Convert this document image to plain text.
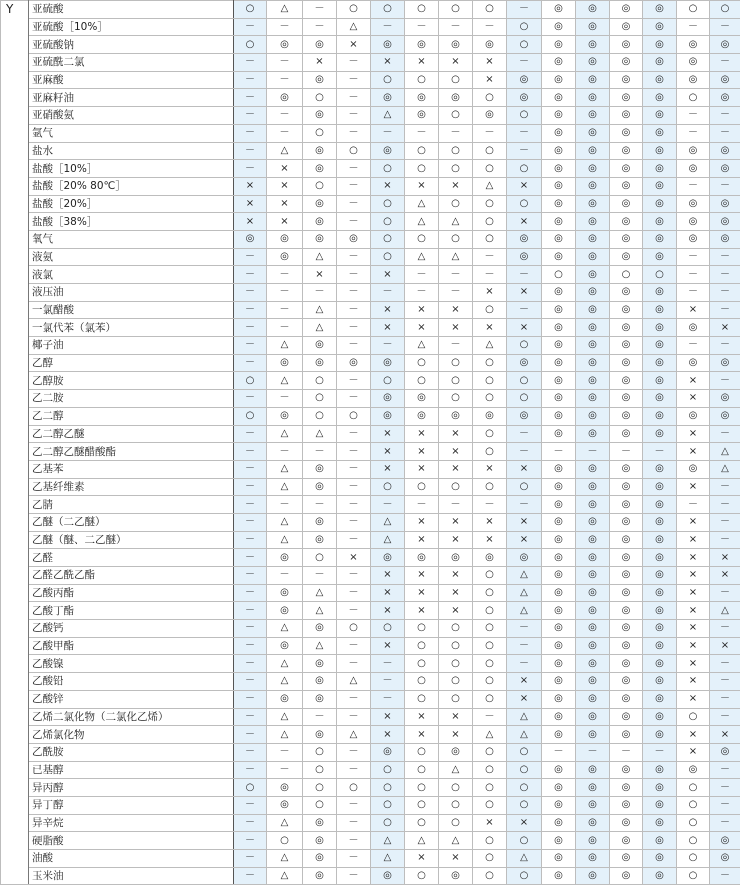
Y	亚硫酸	○	△	－	○	○	○	○	○	－	◎	◎	◎	◎	○	○
	亚硫酸［10%］	－	－	－	△	－	－	－	－	○	◎	◎	◎	◎	－	－
	亚硫酸钠	○	◎	◎	×	◎	◎	◎	◎	○	◎	◎	◎	◎	◎	◎
	亚硫酰二氯	－	－	×	－	×	×	×	×	－	◎	◎	◎	◎	◎	－
	亚麻酸	－	－	◎	－	○	○	○	×	◎	◎	◎	◎	◎	◎	◎
	亚麻籽油	－	◎	○	－	◎	◎	◎	○	◎	◎	◎	◎	◎	○	◎
	亚硝酸氨	－	－	◎	－	△	◎	○	◎	○	◎	◎	◎	◎	－	－
	氩气	－	－	○	－	－	－	－	－	－	◎	◎	◎	◎	－	－
	盐水	－	△	◎	○	◎	○	○	○	－	◎	◎	◎	◎	◎	◎
	盐酸［10%］	－	×	◎	－	○	○	○	○	○	◎	◎	◎	◎	◎	◎
	盐酸［20% 80℃］	×	×	○	－	×	×	×	△	×	◎	◎	◎	◎	－	－
	盐酸［20%］	×	×	◎	－	○	△	○	○	○	◎	◎	◎	◎	◎	◎
	盐酸［38%］	×	×	◎	－	○	△	△	○	×	◎	◎	◎	◎	◎	◎
	氧气	◎	◎	◎	◎	○	○	○	○	◎	◎	◎	◎	◎	◎	◎
	液氨	－	◎	△	－	○	△	△	－	◎	◎	◎	◎	◎	－	－
	液氯	－	－	×	－	×	－	－	－	－	○	◎	○	○	－	－
	液压油	－	－	－	－	－	－	－	×	×	◎	◎	◎	◎	－	－
	一氯醋酸	－	－	△	－	×	×	×	○	－	◎	◎	◎	◎	×	－
	一氯代苯（氯苯）	－	－	△	－	×	×	×	×	×	◎	◎	◎	◎	◎	×
	椰子油	－	△	◎	－	－	△	－	△	○	◎	◎	◎	◎	－	－
	乙醇	－	◎	◎	◎	◎	○	○	○	◎	◎	◎	◎	◎	◎	◎
	乙醇胺	○	△	○	－	○	○	○	○	○	◎	◎	◎	◎	×	－
	乙二胺	－	－	○	－	◎	◎	○	○	○	◎	◎	◎	◎	×	◎
	乙二醇	○	◎	○	○	◎	◎	◎	◎	◎	◎	◎	◎	◎	◎	◎
	乙二醇乙醚	－	△	△	－	×	×	×	○	－	◎	◎	◎	◎	×	－
	乙二醇乙醚醋酸酯	－	－	－	－	×	×	×	○	－	－	－	－	－	×	△
	乙基苯	－	△	◎	－	×	×	×	×	×	◎	◎	◎	◎	◎	△
	乙基纤维素	－	△	◎	－	○	○	○	○	○	◎	◎	◎	◎	×	－
	乙腈	－	－	－	－	－	－	－	－	－	◎	◎	◎	◎	－	－
	乙醚（二乙醚）	－	△	◎	－	△	×	×	×	×	◎	◎	◎	◎	×	－
	乙醚（醚、二乙醚）	－	△	◎	－	△	×	×	×	×	◎	◎	◎	◎	×	－
	乙醛	－	◎	○	×	◎	◎	◎	◎	◎	◎	◎	◎	◎	×	×
	乙醛乙酰乙酯	－	－	－	－	×	×	×	○	△	◎	◎	◎	◎	×	×
	乙酸丙酯	－	◎	△	－	×	×	×	○	△	◎	◎	◎	◎	×	－
	乙酸丁酯	－	◎	△	－	×	×	×	○	△	◎	◎	◎	◎	×	△
	乙酸钙	－	△	◎	○	○	○	○	○	－	◎	◎	◎	◎	×	－
	乙酸甲酯	－	◎	△	－	×	○	○	○	－	◎	◎	◎	◎	×	×
	乙酸镍	－	△	◎	－	－	○	○	○	－	◎	◎	◎	◎	×	－
	乙酸铅	－	△	◎	△	－	○	○	○	×	◎	◎	◎	◎	×	－
	乙酸锌	－	◎	◎	－	－	○	○	○	×	◎	◎	◎	◎	×	－
	乙烯二氯化物（二氯化乙烯）	－	△	－	－	×	×	×	－	△	◎	◎	◎	◎	○	－
	乙烯氯化物	－	△	◎	△	×	×	×	△	△	◎	◎	◎	◎	×	×
	乙酰胺	－	－	○	－	◎	○	◎	○	○	－	－	－	－	×	◎
	已基醇	－	－	○	－	○	○	△	○	○	◎	◎	◎	◎	◎	－
	异丙醇	○	◎	○	○	○	○	○	○	○	◎	◎	◎	◎	○	－
	异丁醇	－	◎	○	－	○	○	○	○	○	◎	◎	◎	◎	○	－
	异辛烷	－	△	◎	－	○	○	○	×	×	◎	◎	◎	◎	○	－
	硬脂酸	－	○	◎	－	△	△	△	○	○	◎	◎	◎	◎	○	◎
	油酸	－	△	◎	－	△	×	×	○	△	◎	◎	◎	◎	○	◎
	玉米油	－	△	◎	－	◎	○	◎	○	○	◎	◎	◎	◎	○	－
